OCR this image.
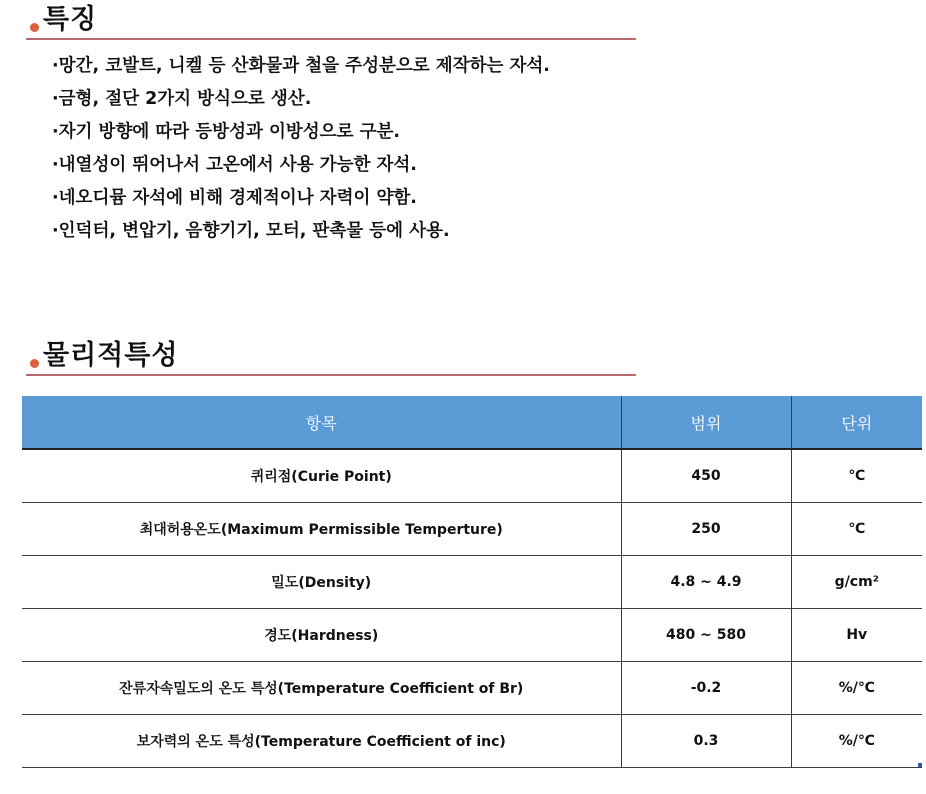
특징
·망간, 코발트, 니켈 등 산화물과 철을 주성분으로 제작하는 자석.
·금형, 절단 2가지 방식으로 생산.
·자기 방향에 따라 등방성과 이방성으로 구분.
·내열성이 뛰어나서 고온에서 사용 가능한 자석.
·네오디뮴 자석에 비해 경제적이나 자력이 약함.
·인덕터, 변압기, 음향기기, 모터, 판촉물 등에 사용.
물리적특성
항목	범위	단위
퀴리점(Curie Point)	450	℃
최대허용온도(Maximum Permissible Temperture)	250	℃
밀도(Density)	4.8 ~ 4.9	g/cm²
경도(Hardness)	480 ~ 580	Hv
잔류자속밀도의 온도 특성(Temperature Coefficient of Br)	-0.2	%/℃
보자력의 온도 특성(Temperature Coefficient of inc)	0.3	%/℃
